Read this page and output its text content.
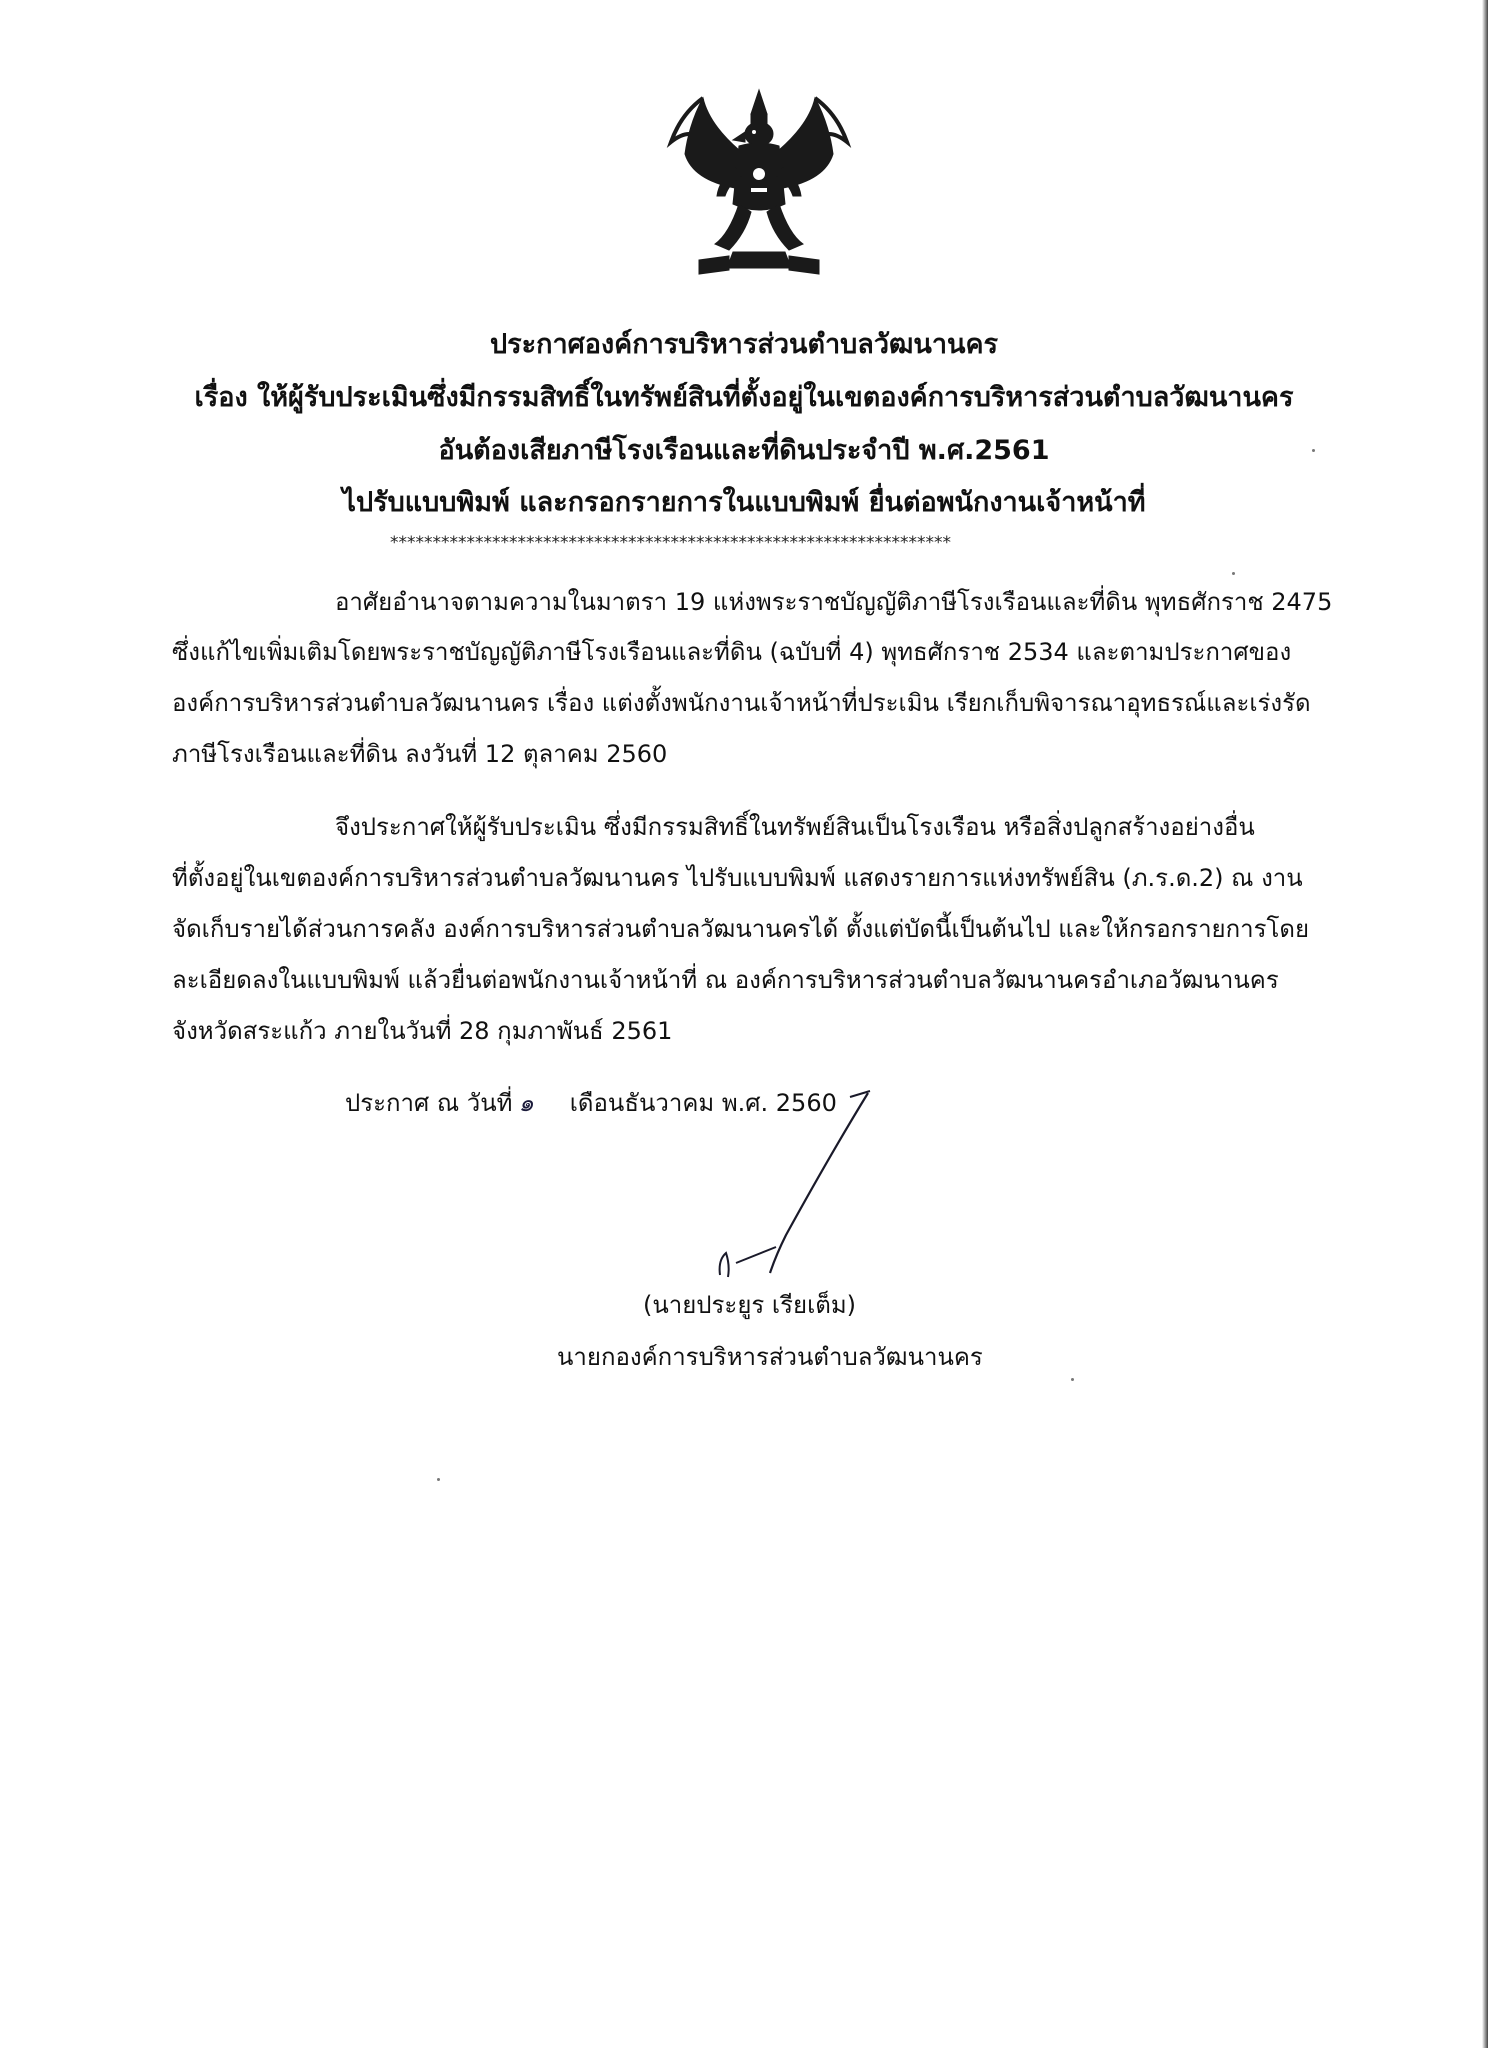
ประกาศองค์การบริหารส่วนตำบลวัฒนานคร
เรื่อง ให้ผู้รับประเมินซึ่งมีกรรมสิทธิ์ในทรัพย์สินที่ตั้งอยู่ในเขตองค์การบริหารส่วนตำบลวัฒนานคร
อันต้องเสียภาษีโรงเรือนและที่ดินประจำปี พ.ศ.2561
ไปรับแบบพิมพ์ และกรอกรายการในแบบพิมพ์ ยื่นต่อพนักงานเจ้าหน้าที่
******************************************************************
อาศัยอำนาจตามความในมาตรา 19 แห่งพระราชบัญญัติภาษีโรงเรือนและที่ดิน พุทธศักราช 2475
ซึ่งแก้ไขเพิ่มเติมโดยพระราชบัญญัติภาษีโรงเรือนและที่ดิน (ฉบับที่ 4) พุทธศักราช 2534 และตามประกาศของ
องค์การบริหารส่วนตำบลวัฒนานคร เรื่อง แต่งตั้งพนักงานเจ้าหน้าที่ประเมิน เรียกเก็บพิจารณาอุทธรณ์และเร่งรัด
ภาษีโรงเรือนและที่ดิน ลงวันที่ 12 ตุลาคม 2560
จึงประกาศให้ผู้รับประเมิน ซึ่งมีกรรมสิทธิ์ในทรัพย์สินเป็นโรงเรือน หรือสิ่งปลูกสร้างอย่างอื่น
ที่ตั้งอยู่ในเขตองค์การบริหารส่วนตำบลวัฒนานคร ไปรับแบบพิมพ์ แสดงรายการแห่งทรัพย์สิน (ภ.ร.ด.2) ณ งาน
จัดเก็บรายได้ส่วนการคลัง องค์การบริหารส่วนตำบลวัฒนานครได้ ตั้งแต่บัดนี้เป็นต้นไป และให้กรอกรายการโดย
ละเอียดลงในแบบพิมพ์ แล้วยื่นต่อพนักงานเจ้าหน้าที่ ณ องค์การบริหารส่วนตำบลวัฒนานครอำเภอวัฒนานคร
จังหวัดสระแก้ว ภายในวันที่ 28 กุมภาพันธ์ 2561
ประกาศ ณ วันที่ ๑ เดือนธันวาคม พ.ศ. 2560
(นายประยูร เรียเต็ม)
นายกองค์การบริหารส่วนตำบลวัฒนานคร
